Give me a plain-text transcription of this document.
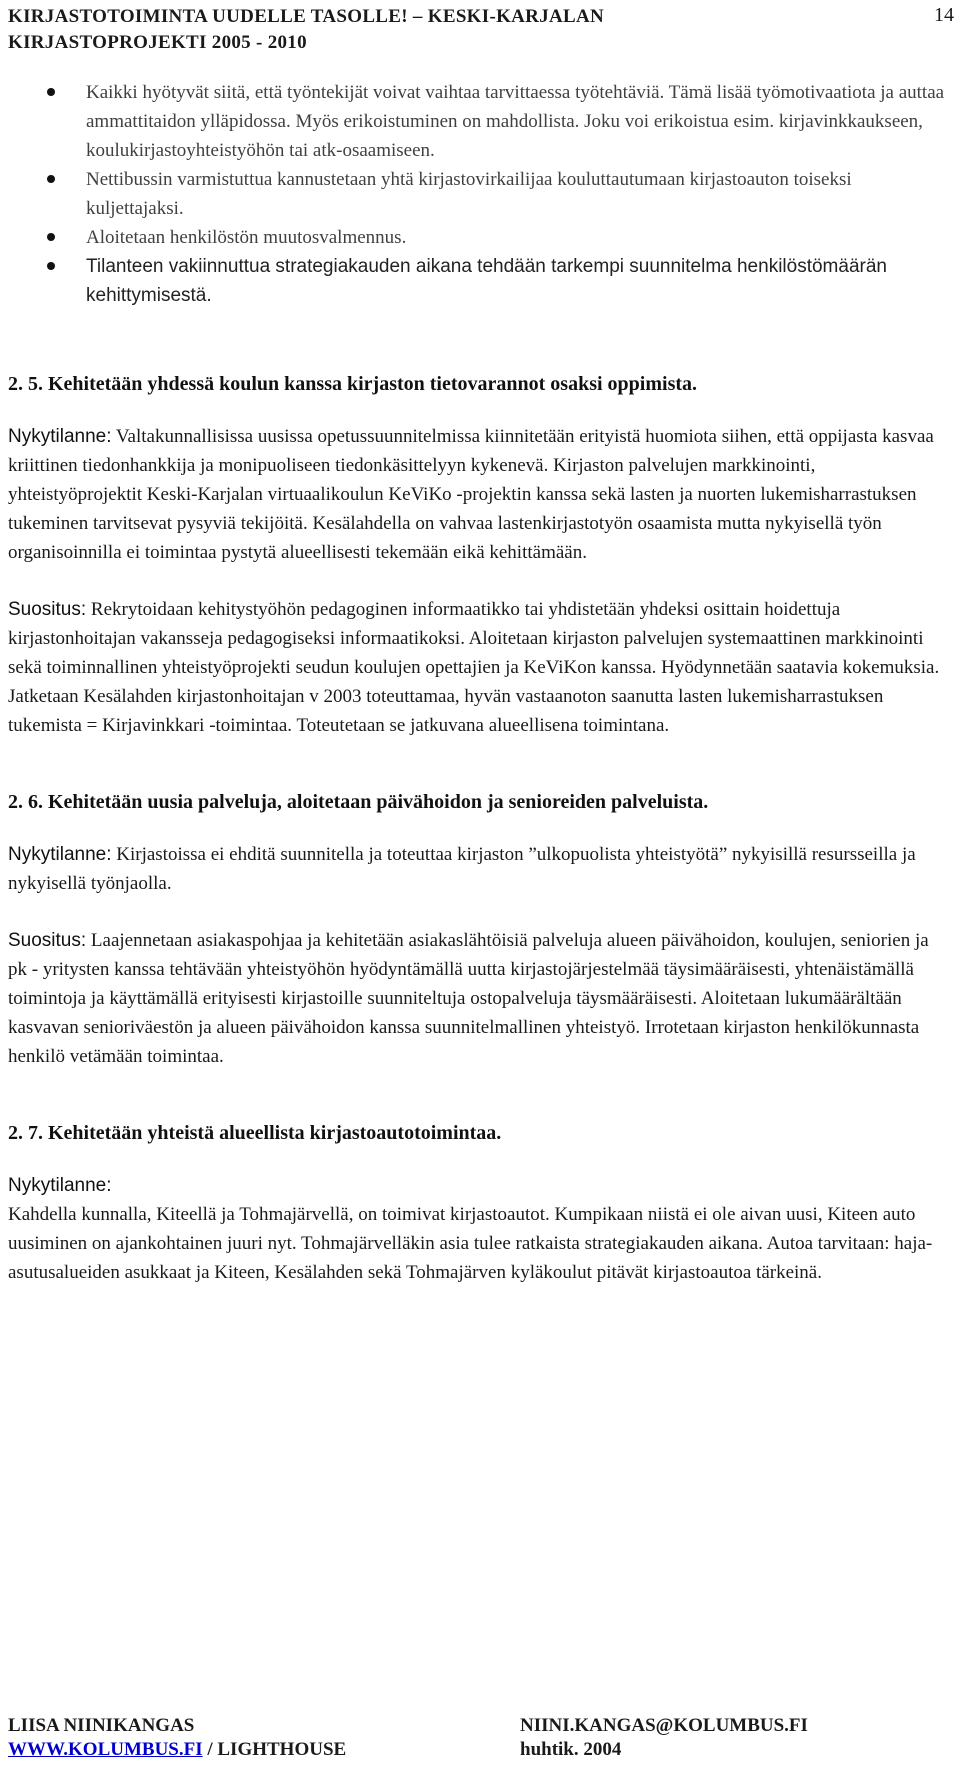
KIRJASTOTOIMINTA UUDELLE TASOLLE! – KESKI-KARJALAN
KIRJASTOPROJEKTI 2005 - 2010
14
Kaikki hyötyvät siitä, että työntekijät voivat vaihtaa tarvittaessa työtehtäviä. Tämä lisää työmotivaatiota ja auttaa ammattitaidon ylläpidossa. Myös erikoistuminen on mahdollista. Joku voi erikoistua esim. kirjavinkkaukseen, koulukirjastoyhteistyöhön tai atk-osaamiseen.
Nettibussin varmistuttua kannustetaan yhtä kirjastovirkailijaa kouluttautumaan kirjastoauton toiseksi kuljettajaksi.
Aloitetaan henkilöstön muutosvalmennus.
Tilanteen vakiinnuttua strategiakauden aikana tehdään tarkempi suunnitelma henkilöstömäärän kehittymisestä.
2. 5. Kehitetään yhdessä koulun kanssa kirjaston tietovarannot osaksi oppimista.

Nykytilanne: Valtakunnallisissa uusissa opetussuunnitelmissa kiinnitetään erityistä huomiota siihen, että oppijasta kasvaa kriittinen tiedonhankkija ja monipuoliseen tiedonkäsittelyyn kykenevä. Kirjaston palvelujen markkinointi, yhteistyöprojektit Keski-Karjalan virtuaalikoulun KeViKo -projektin kanssa sekä lasten ja nuorten lukemisharrastuksen tukeminen tarvitsevat pysyviä tekijöitä. Kesälahdella on vahvaa lastenkirjastotyön osaamista mutta nykyisellä työn organisoinnilla ei toimintaa pystytä alueellisesti tekemään eikä kehittämään.

Suositus: Rekrytoidaan kehitystyöhön pedagoginen informaatikko tai yhdistetään yhdeksi osittain hoidettuja kirjastonhoitajan vakansseja pedagogiseksi informaatikoksi. Aloitetaan kirjaston palvelujen systemaattinen markkinointi sekä toiminnallinen yhteistyöprojekti seudun koulujen opettajien ja KeViKon kanssa. Hyödynnetään saatavia kokemuksia. Jatketaan Kesälahden kirjastonhoitajan v 2003 toteuttamaa, hyvän vastaanoton saanutta lasten lukemisharrastuksen tukemista = Kirjavinkkari -toimintaa. Toteutetaan se jatkuvana alueellisena toimintana.

2. 6. Kehitetään uusia palveluja, aloitetaan päivähoidon ja senioreiden palveluista.

Nykytilanne: Kirjastoissa ei ehditä suunnitella ja toteuttaa kirjaston ”ulkopuolista yhteistyötä” nykyisillä resursseilla ja nykyisellä työnjaolla.

Suositus: Laajennetaan asiakaspohjaa ja kehitetään asiakaslähtöisiä palveluja alueen päivähoidon, koulujen, seniorien ja pk - yritysten kanssa tehtävään yhteistyöhön hyödyntämällä uutta kirjastojärjestelmää täysimääräisesti, yhtenäistämällä toimintoja ja käyttämällä erityisesti kirjastoille suunniteltuja ostopalveluja täysmääräisesti. Aloitetaan lukumäärältään kasvavan senioriväestön ja alueen päivähoidon kanssa suunnitelmallinen yhteistyö. Irrotetaan kirjaston henkilökunnasta henkilö vetämään toimintaa.

2. 7. Kehitetään yhteistä alueellista kirjastoautotoimintaa.

Nykytilanne:

Kahdella kunnalla, Kiteellä ja Tohmajärvellä, on toimivat kirjastoautot. Kumpikaan niistä ei ole aivan uusi, Kiteen auto uusiminen on ajankohtainen juuri nyt. Tohmajärvelläkin asia tulee ratkaista strategiakauden aikana. Autoa tarvitaan: haja-asutusalueiden asukkaat ja Kiteen, Kesälahden sekä Tohmajärven kyläkoulut pitävät kirjastoautoa tärkeinä.

LIISA NIINIKANGAS	NIINI.KANGAS@KOLUMBUS.FI
WWW.KOLUMBUS.FI / LIGHTHOUSE	huhtik. 2004
